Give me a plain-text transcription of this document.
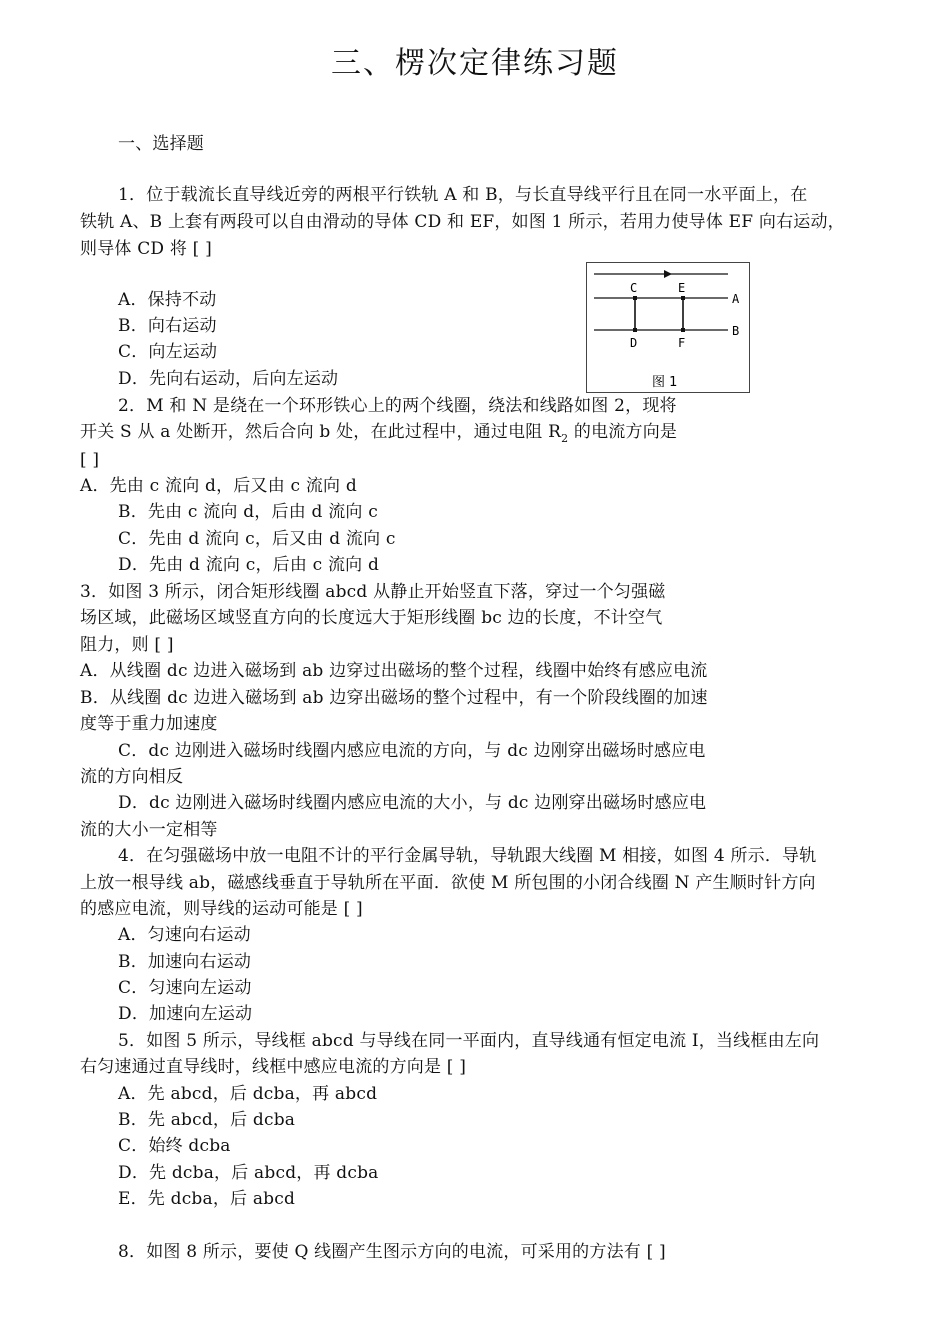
三、楞次定律练习题
一、选择题
1．位于载流长直导线近旁的两根平行铁轨 A 和 B，与长直导线平行且在同一水平面上，在
铁轨 A、B 上套有两段可以自由滑动的导体 CD 和 EF，如图 1 所示，若用力使导体 EF 向右运动，
则导体 CD 将 [ ]
A．保持不动
B．向右运动
C．向左运动
D．先向右运动，后向左运动
C	E
A
B
D	F
图 1
2．M 和 N 是绕在一个环形铁心上的两个线圈，绕法和线路如图 2，现将
开关 S 从 a 处断开，然后合向 b 处，在此过程中，通过电阻 $R_2$ 的电流方向是
[ ]
A．先由 c 流向 d，后又由 c 流向 d
B．先由 c 流向 d，后由 d 流向 c
C．先由 d 流向 c，后又由 d 流向 c
D．先由 d 流向 c，后由 c 流向 d
3．如图 3 所示，闭合矩形线圈 abcd 从静止开始竖直下落，穿过一个匀强磁
场区域，此磁场区域竖直方向的长度远大于矩形线圈 bc 边的长度，不计空气
阻力，则 [ ]
A．从线圈 dc 边进入磁场到 ab 边穿过出磁场的整个过程，线圈中始终有感应电流
B．从线圈 dc 边进入磁场到 ab 边穿出磁场的整个过程中，有一个阶段线圈的加速
度等于重力加速度
C．dc 边刚进入磁场时线圈内感应电流的方向，与 dc 边刚穿出磁场时感应电
流的方向相反
D．dc 边刚进入磁场时线圈内感应电流的大小，与 dc 边刚穿出磁场时感应电
流的大小一定相等
4．在匀强磁场中放一电阻不计的平行金属导轨，导轨跟大线圈 M 相接，如图 4 所示．导轨
上放一根导线 ab，磁感线垂直于导轨所在平面．欲使 M 所包围的小闭合线圈 N 产生顺时针方向
的感应电流，则导线的运动可能是 [ ]
A．匀速向右运动
B．加速向右运动
C．匀速向左运动
D．加速向左运动
5．如图 5 所示，导线框 abcd 与导线在同一平面内，直导线通有恒定电流 I，当线框由左向
右匀速通过直导线时，线框中感应电流的方向是 [ ]
A．先 abcd，后 dcba，再 abcd
B．先 abcd，后 dcba
C．始终 dcba
D．先 dcba，后 abcd，再 dcba
E．先 dcba，后 abcd
8．如图 8 所示，要使 Q 线圈产生图示方向的电流，可采用的方法有 [ ]
